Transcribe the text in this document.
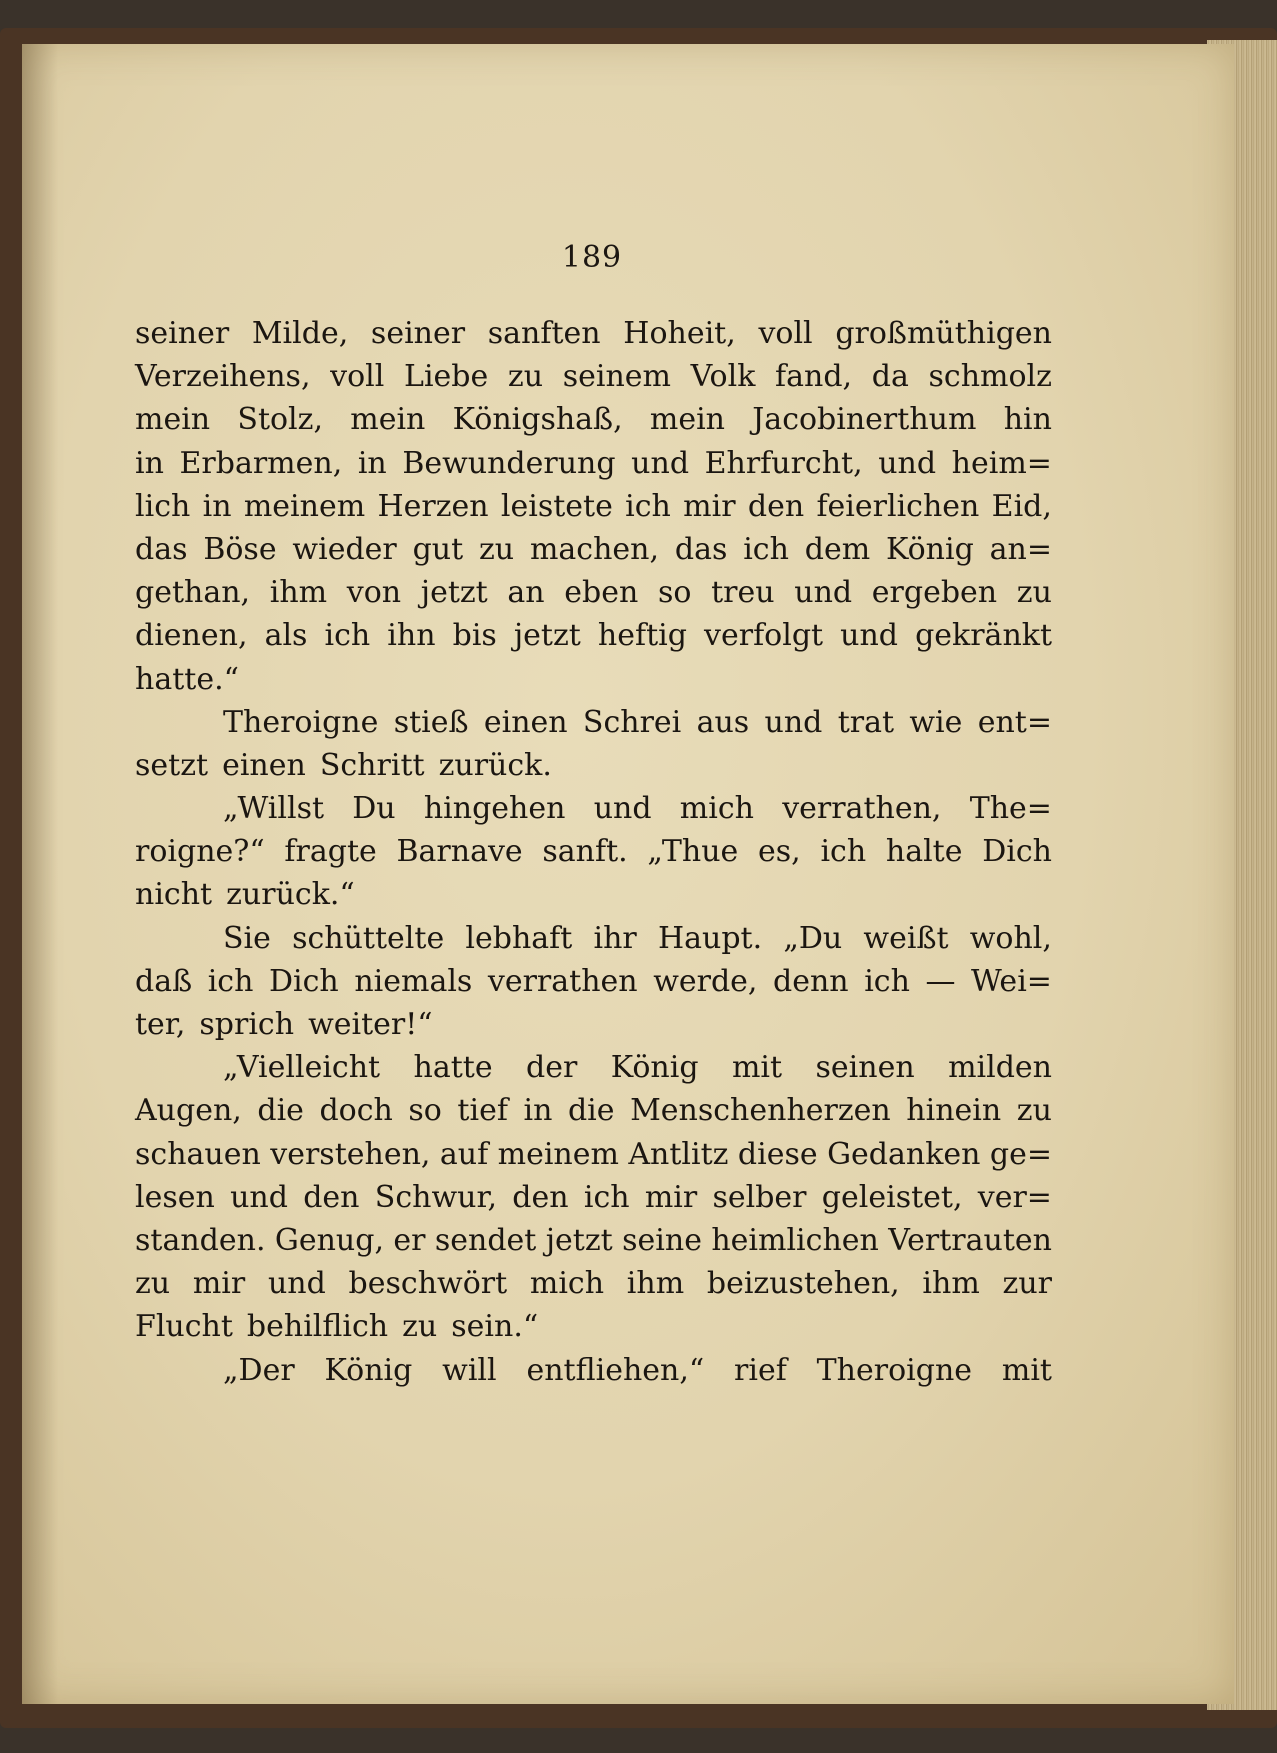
189
seiner Milde, seiner sanften Hoheit, voll großmüthigen
Verzeihens, voll Liebe zu seinem Volk fand, da schmolz
mein Stolz, mein Königshaß, mein Jacobinerthum hin
in Erbarmen, in Bewunderung und Ehrfurcht, und heim=
lich in meinem Herzen leistete ich mir den feierlichen Eid,
das Böse wieder gut zu machen, das ich dem König an=
gethan, ihm von jetzt an eben so treu und ergeben zu
dienen, als ich ihn bis jetzt heftig verfolgt und gekränkt
hatte.“
Theroigne stieß einen Schrei aus und trat wie ent=
setzt einen Schritt zurück.
„Willst Du hingehen und mich verrathen, The=
roigne?“ fragte Barnave sanft. „Thue es, ich halte Dich
nicht zurück.“
Sie schüttelte lebhaft ihr Haupt. „Du weißt wohl,
daß ich Dich niemals verrathen werde, denn ich — Wei=
ter, sprich weiter!“
„Vielleicht hatte der König mit seinen milden
Augen, die doch so tief in die Menschenherzen hinein zu
schauen verstehen, auf meinem Antlitz diese Gedanken ge=
lesen und den Schwur, den ich mir selber geleistet, ver=
standen. Genug, er sendet jetzt seine heimlichen Vertrauten
zu mir und beschwört mich ihm beizustehen, ihm zur
Flucht behilflich zu sein.“
„Der König will entfliehen,“ rief Theroigne mit
